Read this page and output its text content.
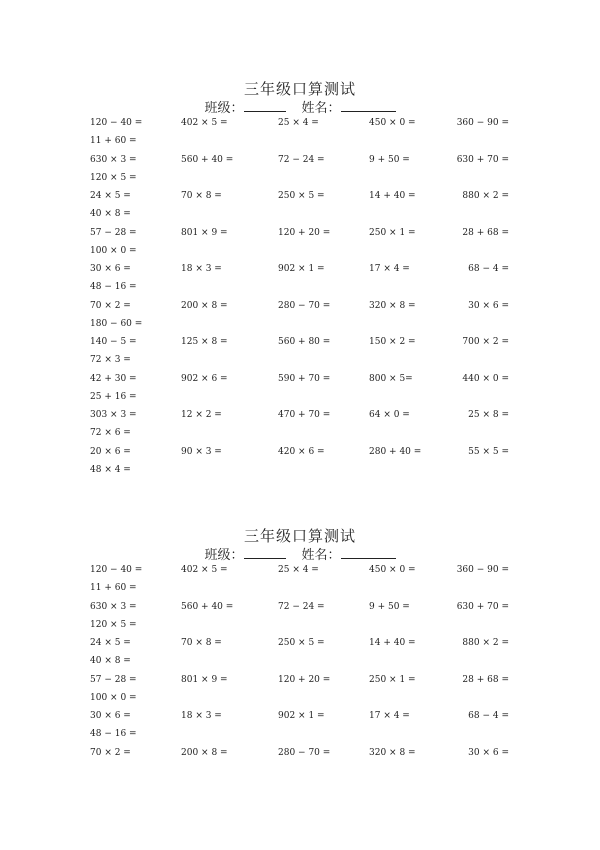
三年级口算测试
班级：	姓名：
120 − 40 =	402 × 5 =	25 × 4 =	450 × 0 =	360 − 90 =
11 + 60 =
630 × 3 =	560 + 40 =	72 − 24 =	9 + 50 =	630 + 70 =
120 × 5 =
24 × 5 =	70 × 8 =	250 × 5 =	14 + 40 =	880 × 2 =
40 × 8 =
57 − 28 =	801 × 9 =	120 + 20 =	250 × 1 =	28 + 68 =
100 × 0 =
30 × 6 =	18 × 3 =	902 × 1 =	17 × 4 =	68 − 4 =
48 − 16 =
70 × 2 =	200 × 8 =	280 − 70 =	320 × 8 =	30 × 6 =
180 − 60 =
140 − 5 =	125 × 8 =	560 + 80 =	150 × 2 =	700 × 2 =
72 × 3 =
42 + 30 =	902 × 6 =	590 + 70 =	800 × 5=	440 × 0 =
25 + 16 =
303 × 3 =	12 × 2 =	470 + 70 =	64 × 0 =	25 × 8 =
72 × 6 =
20 × 6 =	90 × 3 =	420 × 6 =	280 + 40 =	55 × 5 =
48 × 4 =
三年级口算测试
班级：	姓名：
120 − 40 =	402 × 5 =	25 × 4 =	450 × 0 =	360 − 90 =
11 + 60 =
630 × 3 =	560 + 40 =	72 − 24 =	9 + 50 =	630 + 70 =
120 × 5 =
24 × 5 =	70 × 8 =	250 × 5 =	14 + 40 =	880 × 2 =
40 × 8 =
57 − 28 =	801 × 9 =	120 + 20 =	250 × 1 =	28 + 68 =
100 × 0 =
30 × 6 =	18 × 3 =	902 × 1 =	17 × 4 =	68 − 4 =
48 − 16 =
70 × 2 =	200 × 8 =	280 − 70 =	320 × 8 =	30 × 6 =
